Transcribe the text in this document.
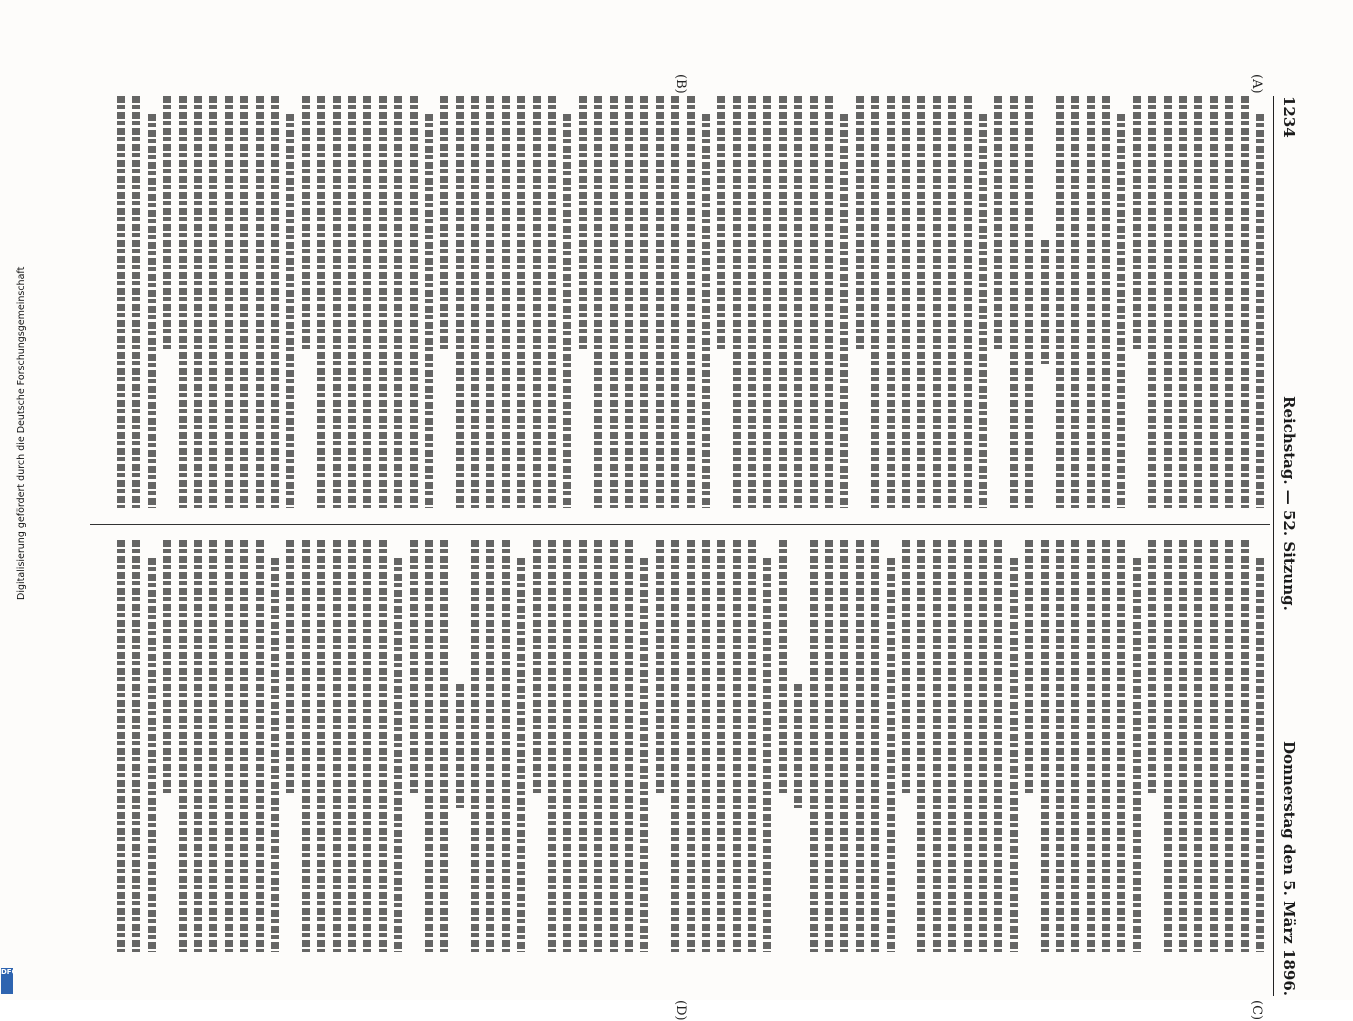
1234
Reichstag. — 52. Sitzung.
Donnerstag den 5. März 1896.
(A)
(B)
(C)
(D)
Digitalisierung gefördert durch die Deutsche Forschungsgemeinschaft
DFG
